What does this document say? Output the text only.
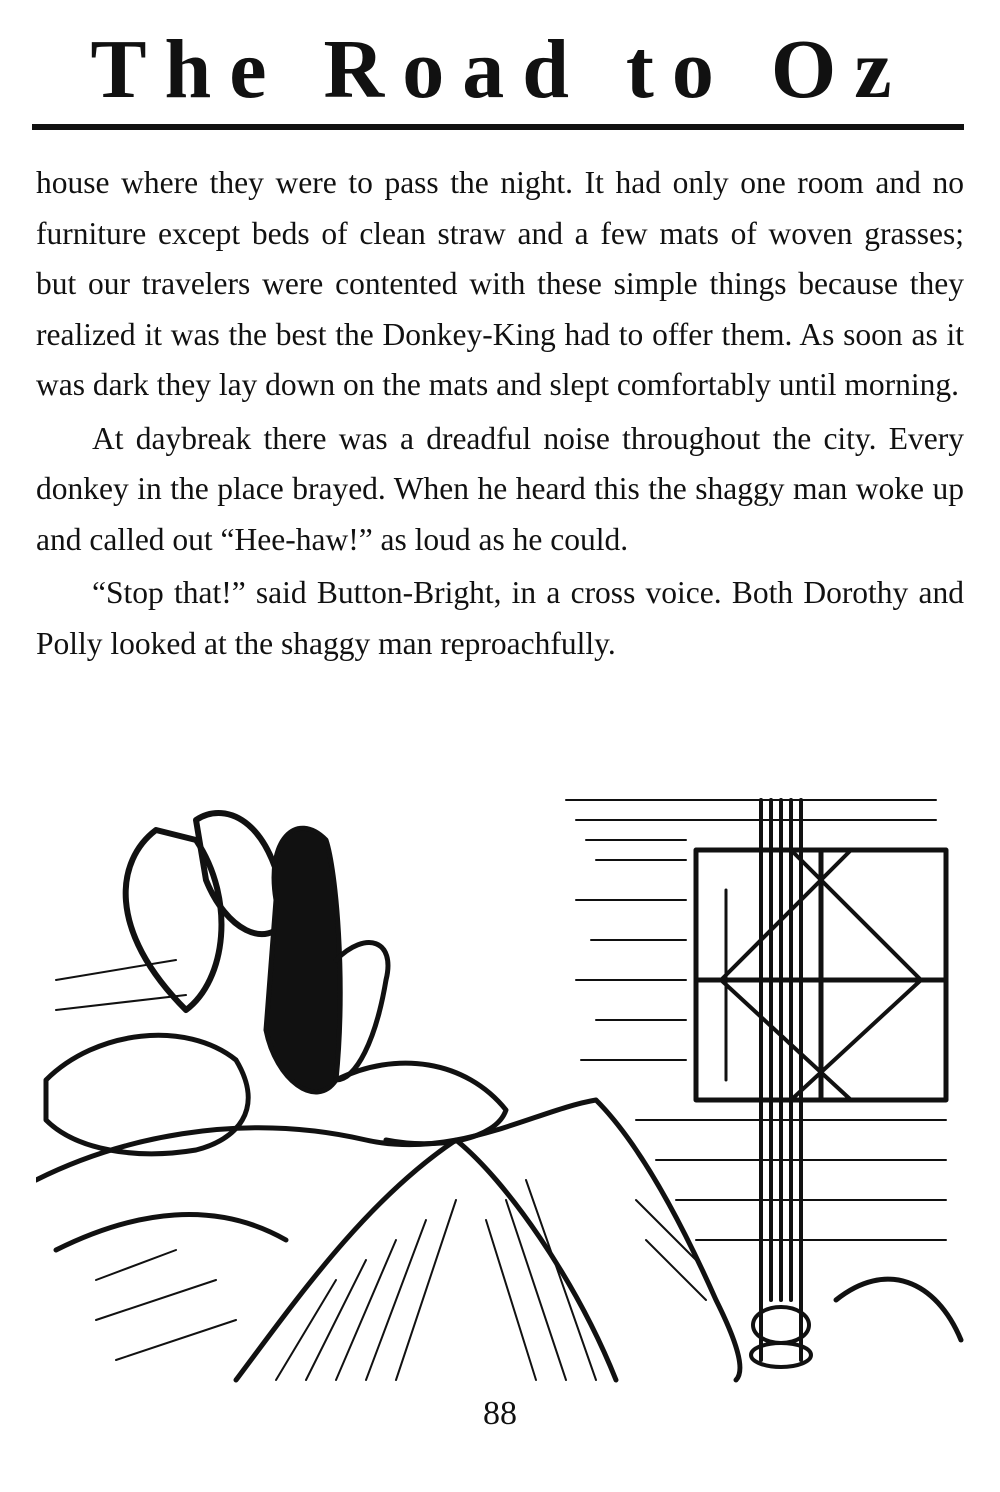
The Road to Oz

house where they were to pass the night. It had only one room and no furniture except beds of clean straw and a few mats of woven grasses; but our travelers were contented with these simple things because they realized it was the best the Donkey-King had to offer them. As soon as it was dark they lay down on the mats and slept comfortably until morning.

At daybreak there was a dreadful noise throughout the city. Every donkey in the place brayed. When he heard this the shaggy man woke up and called out “Hee-haw!” as loud as he could.

“Stop that!” said Button-Bright, in a cross voice. Both Dorothy and Polly looked at the shaggy man reproachfully.

88
